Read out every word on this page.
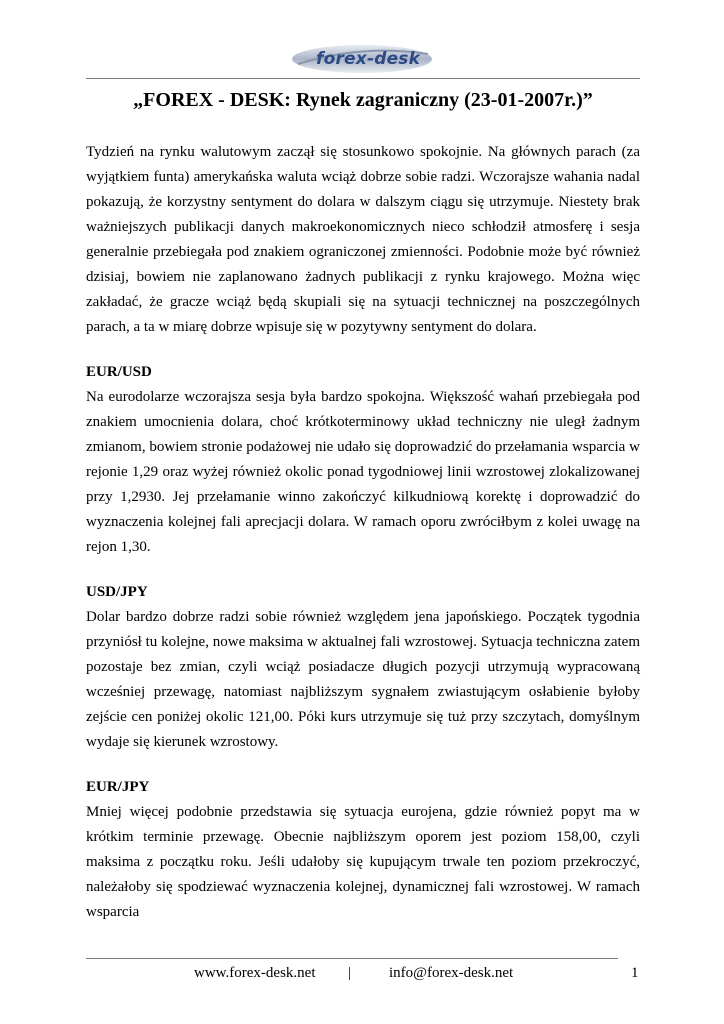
forex-desk
„FOREX - DESK: Rynek zagraniczny (23-01-2007r.)”

Tydzień na rynku walutowym zaczął się stosunkowo spokojnie. Na głównych parach (za wyjątkiem funta) amerykańska waluta wciąż dobrze sobie radzi. Wczorajsze wahania nadal pokazują, że korzystny sentyment do dolara w dalszym ciągu się utrzymuje. Niestety brak ważniejszych publikacji danych makroekonomicznych nieco schłodził atmosferę i sesja generalnie przebiegała pod znakiem ograniczonej zmienności. Podobnie może być również dzisiaj, bowiem nie zaplanowano żadnych publikacji z rynku krajowego. Można więc zakładać, że gracze wciąż będą skupiali się na sytuacji technicznej na poszczególnych parach, a ta w miarę dobrze wpisuje się w pozytywny sentyment do dolara.

EUR/USD

Na eurodolarze wczorajsza sesja była bardzo spokojna. Większość wahań przebiegała pod znakiem umocnienia dolara, choć krótkoterminowy układ techniczny nie uległ żadnym zmianom, bowiem stronie podażowej nie udało się doprowadzić do przełamania wsparcia w rejonie 1,29 oraz wyżej również okolic ponad tygodniowej linii wzrostowej zlokalizowanej przy 1,2930. Jej przełamanie winno zakończyć kilkudniową korektę i doprowadzić do wyznaczenia kolejnej fali aprecjacji dolara. W ramach oporu zwróciłbym z kolei uwagę na rejon 1,30.

USD/JPY

Dolar bardzo dobrze radzi sobie również względem jena japońskiego. Początek tygodnia przyniósł tu kolejne, nowe maksima w aktualnej fali wzrostowej. Sytuacja techniczna zatem pozostaje bez zmian, czyli wciąż posiadacze długich pozycji utrzymują wypracowaną wcześniej przewagę, natomiast najbliższym sygnałem zwiastującym osłabienie byłoby zejście cen poniżej okolic 121,00. Póki kurs utrzymuje się tuż przy szczytach, domyślnym wydaje się kierunek wzrostowy.

EUR/JPY

Mniej więcej podobnie przedstawia się sytuacja eurojena, gdzie również popyt ma w krótkim terminie przewagę. Obecnie najbliższym oporem jest poziom 158,00, czyli maksima z początku roku. Jeśli udałoby się kupującym trwale ten poziom przekroczyć, należałoby się spodziewać wyznaczenia kolejnej, dynamicznej fali wzrostowej. W ramach wsparcia

www.forex-desk.net |	info@forex-desk.net	1
